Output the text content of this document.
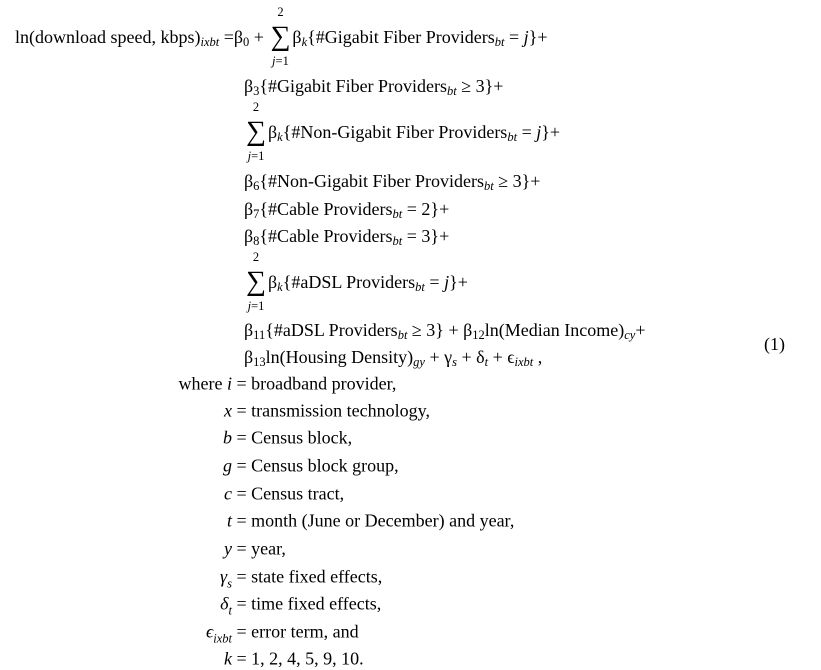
ln(download speed, kbps) ixbt = β 0 +
2
∑
j=1
β k {#Gigabit Fiber Providers bt = j }+
β 3 {#Gigabit Fiber Providers bt ≥ 3}+
2
∑
j=1
β k {#Non-Gigabit Fiber Providers bt = j }+
β 6 {#Non-Gigabit Fiber Providers bt ≥ 3}+
β 7 {#Cable Providers bt = 2}+
β 8 {#Cable Providers bt = 3}+
2
∑
j=1
β k {#aDSL Providers bt = j }+
β 11 {#aDSL Providers bt ≥ 3} + β 12 ln(Median Income) cy +
β 13 ln(Housing Density) gy + γ s + δ t + ϵ ixbt ,
(1)
where i = broadband provider,
x = transmission technology,
b = Census block,
g = Census block group,
c = Census tract,
t = month (June or December) and year,
y = year,
$\gamma_s$ = state fixed effects,
$\delta_t$ = time fixed effects,
$\epsilon_{ixbt}$ = error term, and
k = 1, 2, 4, 5, 9, 10.
